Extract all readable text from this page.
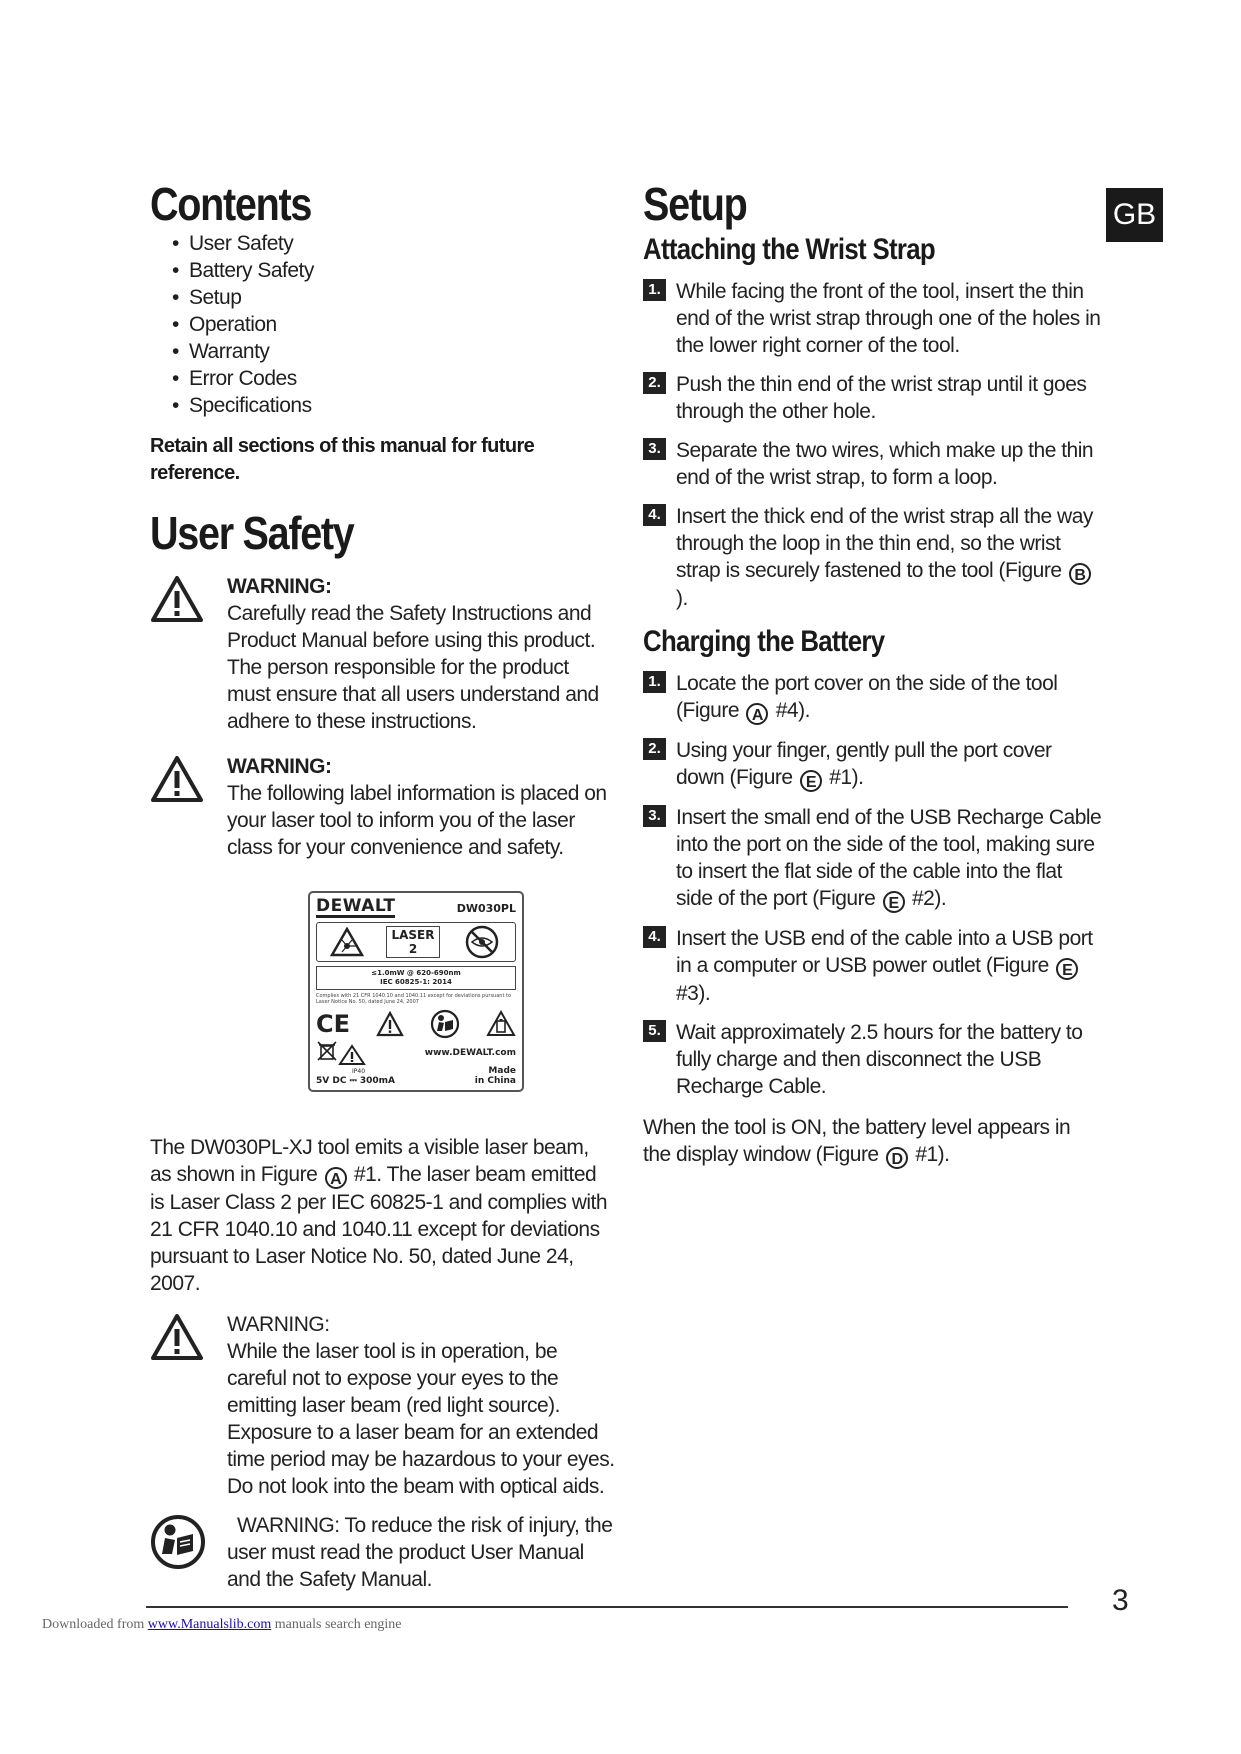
Contents
• User Safety
• Battery Safety
• Setup
• Operation
• Warranty
• Error Codes
• Specifications
Retain all sections of this manual for future reference.
User Safety
WARNING:
Carefully read the Safety Instructions and Product Manual before using this product. The person responsible for the product must ensure that all users understand and adhere to these instructions.
WARNING:
The following label information is placed on your laser tool to inform you of the laser class for your convenience and safety.
DEWALT	DW030PL
LASER
2
≤1.0mW @ 620-690nm
IEC 60825-1: 2014
Complies with 21 CFR 1040.10 and 1040.11 except for deviations pursuant to Laser Notice No. 50, dated June 24, 2007
CE
www.DEWALT.com
IP40	Made
5V DC ⎓ 300mA	in China
The DW030PL-XJ tool emits a visible laser beam, as shown in Figure A #1. The laser beam emitted is Laser Class 2 per IEC 60825-1 and complies with 21 CFR 1040.10 and 1040.11 except for deviations pursuant to Laser Notice No. 50, dated June 24, 2007.
WARNING:
While the laser tool is in operation, be careful not to expose your eyes to the emitting laser beam (red light source). Exposure to a laser beam for an extended time period may be hazardous to your eyes. Do not look into the beam with optical aids.
WARNING: To reduce the risk of injury, the user must read the product User Manual and the Safety Manual.
Setup
Attaching the Wrist Strap
1. While facing the front of the tool, insert the thin end of the wrist strap through one of the holes in the lower right corner of the tool.
2. Push the thin end of the wrist strap until it goes through the other hole.
3. Separate the two wires, which make up the thin end of the wrist strap, to form a loop.
4. Insert the thick end of the wrist strap all the way through the loop in the thin end, so the wrist strap is securely fastened to the tool (Figure B).
Charging the Battery
1. Locate the port cover on the side of the tool (Figure A #4).
2. Using your finger, gently pull the port cover down (Figure E #1).
3. Insert the small end of the USB Recharge Cable into the port on the side of the tool, making sure to insert the flat side of the cable into the flat side of the port (Figure E #2).
4. Insert the USB end of the cable into a USB port in a computer or USB power outlet (Figure E #3).
5. Wait approximately 2.5 hours for the battery to fully charge and then disconnect the USB Recharge Cable.
When the tool is ON, the battery level appears in the display window (Figure D #1).
GB
3
Downloaded from www.Manualslib.com manuals search engine
